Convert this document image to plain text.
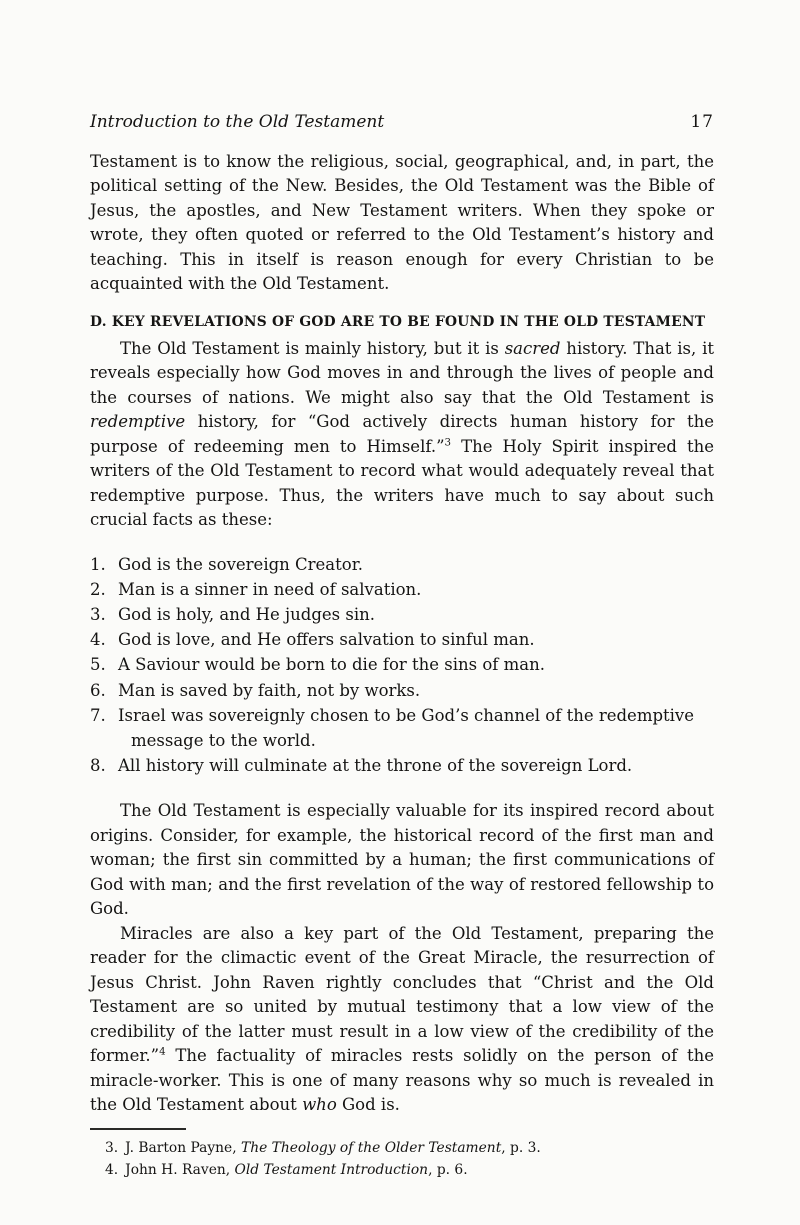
Introduction to the Old Testament	17

Testament is to know the religious, social, geographical, and, in part, the political setting of the New. Besides, the Old Testament was the Bible of Jesus, the apostles, and New Testament writers. When they spoke or wrote, they often quoted or referred to the Old Testament’s history and teaching. This in itself is reason enough for every Christian to be acquainted with the Old Testament.

D. KEY REVELATIONS OF GOD ARE TO BE FOUND IN THE OLD TESTAMENT

The Old Testament is mainly history, but it is sacred history. That is, it reveals especially how God moves in and through the lives of people and the courses of nations. We might also say that the Old Testament is redemptive history, for “God actively directs human history for the purpose of redeeming men to Himself.”$^3$ The Holy Spirit inspired the writers of the Old Testament to record what would adequately reveal that redemptive purpose. Thus, the writers have much to say about such crucial facts as these:

1. God is the sovereign Creator.
2. Man is a sinner in need of salvation.
3. God is holy, and He judges sin.
4. God is love, and He offers salvation to sinful man.
5. A Saviour would be born to die for the sins of man.
6. Man is saved by faith, not by works.
7. Israel was sovereignly chosen to be God’s channel of the redemptive message to the world.
8. All history will culminate at the throne of the sovereign Lord.

The Old Testament is especially valuable for its inspired record about origins. Consider, for example, the historical record of the first man and woman; the first sin committed by a human; the first communications of God with man; and the first revelation of the way of restored fellowship to God.

Miracles are also a key part of the Old Testament, preparing the reader for the climactic event of the Great Miracle, the resurrection of Jesus Christ. John Raven rightly concludes that “Christ and the Old Testament are so united by mutual testimony that a low view of the credibility of the latter must result in a low view of the credibility of the former.”$^4$ The factuality of miracles rests solidly on the person of the miracle-worker. This is one of many reasons why so much is revealed in the Old Testament about who God is.

3. J. Barton Payne, The Theology of the Older Testament, p. 3.
4. John H. Raven, Old Testament Introduction, p. 6.
